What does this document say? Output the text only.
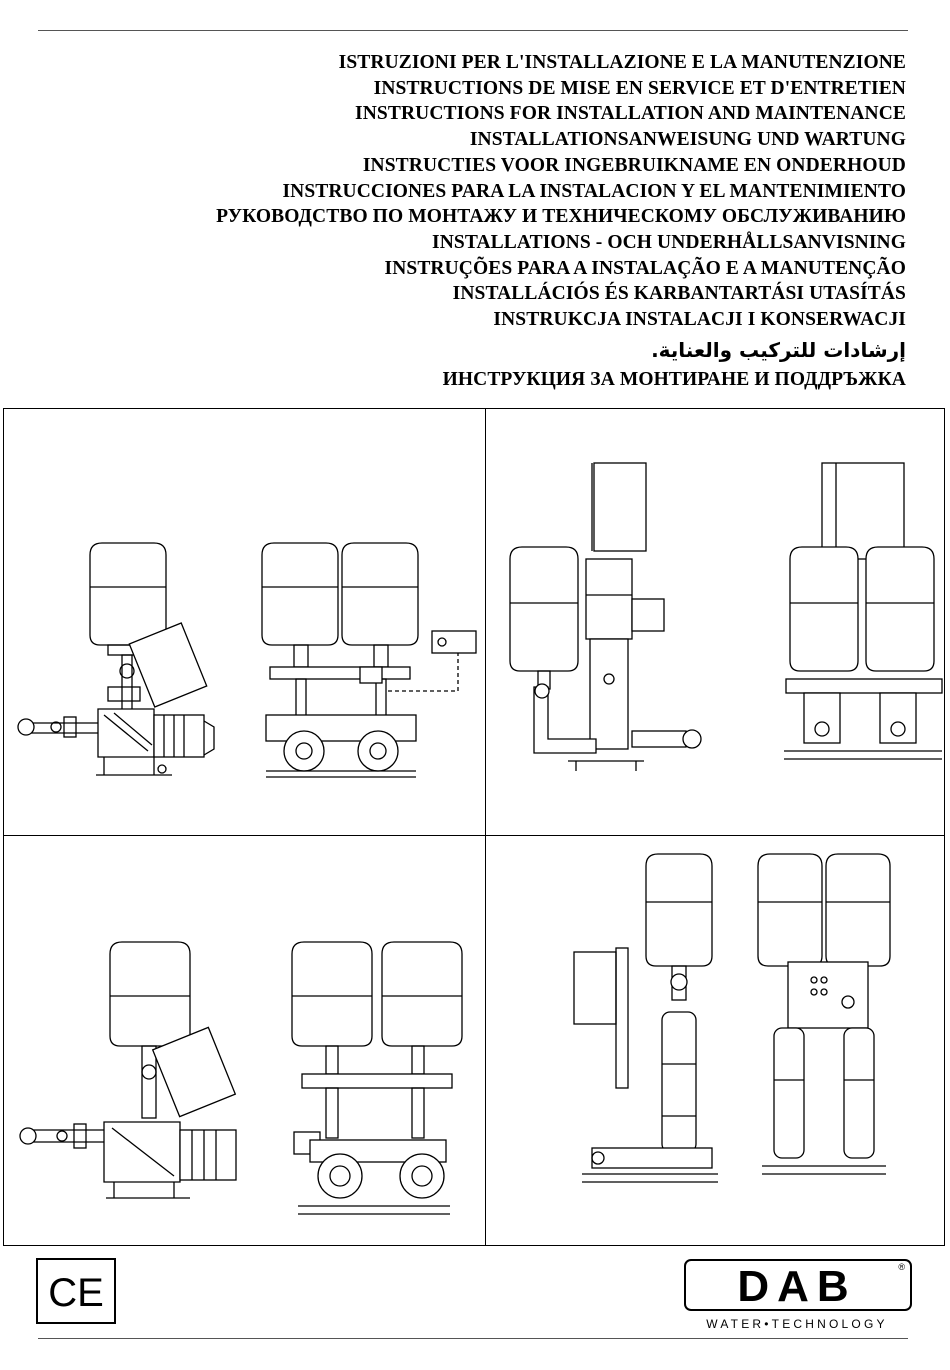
ISTRUZIONI PER L'INSTALLAZIONE E LA MANUTENZIONE
INSTRUCTIONS DE MISE EN SERVICE ET D'ENTRETIEN
INSTRUCTIONS FOR INSTALLATION AND MAINTENANCE
INSTALLATIONSANWEISUNG UND WARTUNG
INSTRUCTIES VOOR INGEBRUIKNAME EN ONDERHOUD
INSTRUCCIONES PARA LA INSTALACION Y EL MANTENIMIENTO
РУКОВОДСТВО ПО МОНТАЖУ И ТЕХНИЧЕСКОМУ ОБСЛУЖИВАНИЮ
INSTALLATIONS - OCH UNDERHÅLLSANVISNING
INSTRUÇÕES PARA A INSTALAÇÃO E A MANUTENÇÃO
INSTALLÁCIÓS ÉS KARBANTARTÁSI UTASÍTÁS
INSTRUKCJA INSTALACJI I KONSERWACJI
إرشادات للتركيب والعناية.
ИНСТРУКЦИЯ ЗА МОНТИРАНЕ И ПОДДРЪЖКА
CE	DAB	®
WATER•TECHNOLOGY
